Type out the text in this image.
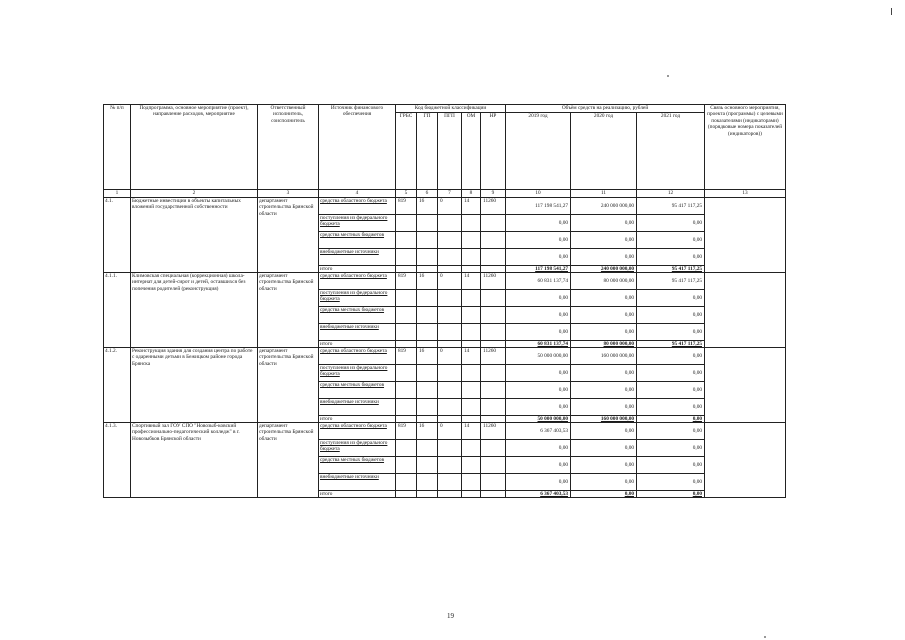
№ п/п	Подпрограмма, основное мероприятие (проект), направление расходов, мероприятие	Ответственный исполнитель, соисполнитель	Источник финансового обеспечения	Код бюджетной классификации					Объём средств на реализацию, рублей			Связь основного мероприятия, проекта (программы) с целевыми показателями (индикаторами) (порядковые номера показателей (индикаторов))
				ГРБС	ГП	ПГП	ОМ	НР	2019 год	2020 год	2021 год	
1	2	3	4	5	6	7	8	9	10	11	12	13
4.1.	Бюджетные инвестиции в объекты капитальных вложений государственной собственности	департамент строительства Брянской области	средства областного бюджета	819	16	0	14	11260	117 198 541,27	240 000 000,00	95 417 117,25	
			поступления из федерального бюджета						0,00	0,00	0,00	
			средства местных бюджетов						0,00	0,00	0,00	
			внебюджетные источники						0,00	0,00	0,00	
			итого						117 198 541,27	240 000 000,00	95 417 117,25	
4.1.1.	Климовская специальная (коррекционная) школа-интернат для детей-сирот и детей, оставшихся без попечения родителей (реконструкция)	департамент строительства Брянской области	средства областного бюджета	819	16	0	14	11260	60 831 137,74	80 000 000,00	95 417 117,25	
			поступления из федерального бюджета						0,00	0,00	0,00	
			средства местных бюджетов						0,00	0,00	0,00	
			внебюджетные источники						0,00	0,00	0,00	
			итого						60 831 137,74	80 000 000,00	95 417 117,25	
4.1.2.	Реконструкция здания для создания центра по работе с одаренными детьми в Бежицком районе города Брянска	департамент строительства Брянской области	средства областного бюджета	819	16	0	14	11260	50 000 000,00	160 000 000,00	0,00	
			поступления из федерального бюджета						0,00	0,00	0,00	
			средства местных бюджетов						0,00	0,00	0,00	
			внебюджетные источники						0,00	0,00	0,00	
			итого						50 000 000,00	160 000 000,00	0,00	
4.1.3.	Спортивный зал ГОУ СПО "Новозыб-ковский профессионально-педагогический колледж" в г. Новозыбков Брянской области	департамент строительства Брянской области	средства областного бюджета	819	16	0	14	11260	6 367 403,53	0,00	0,00	
			поступления из федерального бюджета						0,00	0,00	0,00	
			средства местных бюджетов						0,00	0,00	0,00	
			внебюджетные источники						0,00	0,00	0,00	
			итого						6 367 403,53	0,00	0,00	
19
